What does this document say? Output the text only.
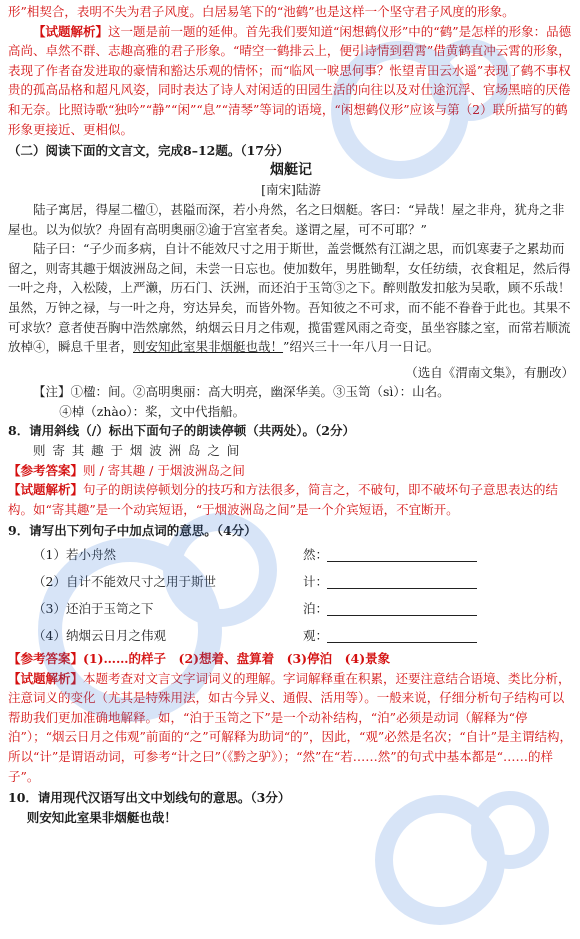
形”相契合，表明不失为君子风度。白居易笔下的“池鹤”也是这样一个坚守君子风度的形象。

【试题解析】这一题是前一题的延伸。首先我们要知道“闲想鹤仪形”中的“鹤”是怎样的形象：品德高尚、卓然不群、志趣高雅的君子形象。“晴空一鹤排云上，便引诗情到碧霄”借黄鹤直冲云霄的形象，表现了作者奋发进取的豪情和豁达乐观的情怀；而“临风一唳思何事？怅望青田云水遥”表现了鹤不事权贵的孤高品格和超凡风姿，同时表达了诗人对闲适的田园生活的向往以及对仕途沉浮、官场黑暗的厌倦和无奈。比照诗歌“独吟”“静”“闲”“息”“清琴”等词的语境，“闲想鹤仪形”应该与第（2）联所描写的鹤形象更接近、更相似。

（二）阅读下面的文言文，完成8–12题。（17分）

烟艇记

[南宋]陆游

陆子寓居，得屋二楹①，甚隘而深，若小舟然，名之曰烟艇。客曰：“异哉！屋之非舟，犹舟之非屋也。以为似欤？舟固有高明奥丽②逾于宫室者矣。遂谓之屋，可不可耶？”

陆子曰：“子少而多病，自计不能效尺寸之用于斯世，盖尝慨然有江湖之思，而饥寒妻子之累劫而留之，则寄其趣于烟波洲岛之间，未尝一日忘也。使加数年，男胜锄犁，女任纺绩，衣食粗足，然后得一叶之舟，入松陵，上严濑，历石门、沃洲，而还泊于玉笥③之下。醉则散发扣舷为吴歌，顾不乐哉！虽然，万钟之禄，与一叶之舟，穷达异矣，而皆外物。吾知彼之不可求，而不能不眷眷于此也。其果不可求欤？意者使吾胸中浩然廓然，纳烟云日月之伟观，揽雷霆风雨之奇变，虽坐容膝之室，而常若顺流放棹④，瞬息千里者，则安知此室果非烟艇也哉！”绍兴三十一年八月一日记。

（选自《渭南文集》，有删改）

【注】①楹：间。②高明奥丽：高大明亮，幽深华美。③玉笥（sì）：山名。

④棹（zhào）：桨，文中代指船。

8．请用斜线（/）标出下面句子的朗读停顿（共两处）。（2分）

则寄其趣于烟波洲岛之间

【参考答案】则 / 寄其趣 / 于烟波洲岛之间

【试题解析】句子的朗读停顿划分的技巧和方法很多，简言之，不破句，即不破坏句子意思表达的结构。如“寄其趣”是一个动宾短语，“于烟波洲岛之间”是一个介宾短语，不宜断开。

9．请写出下列句子中加点词的意思。（4分）

（1）若小舟然	然：
（2）自计不能效尺寸之用于斯世	计：
（3）还泊于玉笥之下	泊：
（4）纳烟云日月之伟观	观：

【参考答案】(1)……的样子　(2)想着、盘算着　(3)停泊　(4)景象

【试题解析】本题考查对文言文字词词义的理解。字词解释重在积累，还要注意结合语境、类比分析，注意词义的变化（尤其是特殊用法，如古今异义、通假、活用等）。一般来说，仔细分析句子结构可以帮助我们更加准确地解释。如，“泊于玉笥之下”是一个动补结构，“泊”必须是动词（解释为“停泊”）；“烟云日月之伟观”前面的“之”可解释为助词“的”，因此，“观”必然是名次；“自计”是主谓结构，所以“计”是谓语动词，可参考“计之曰”（《黔之驴》）；“然”在“若……然”的句式中基本都是“……的样子”。

10．请用现代汉语写出文中划线句的意思。（3分）

则安知此室果非烟艇也哉！
